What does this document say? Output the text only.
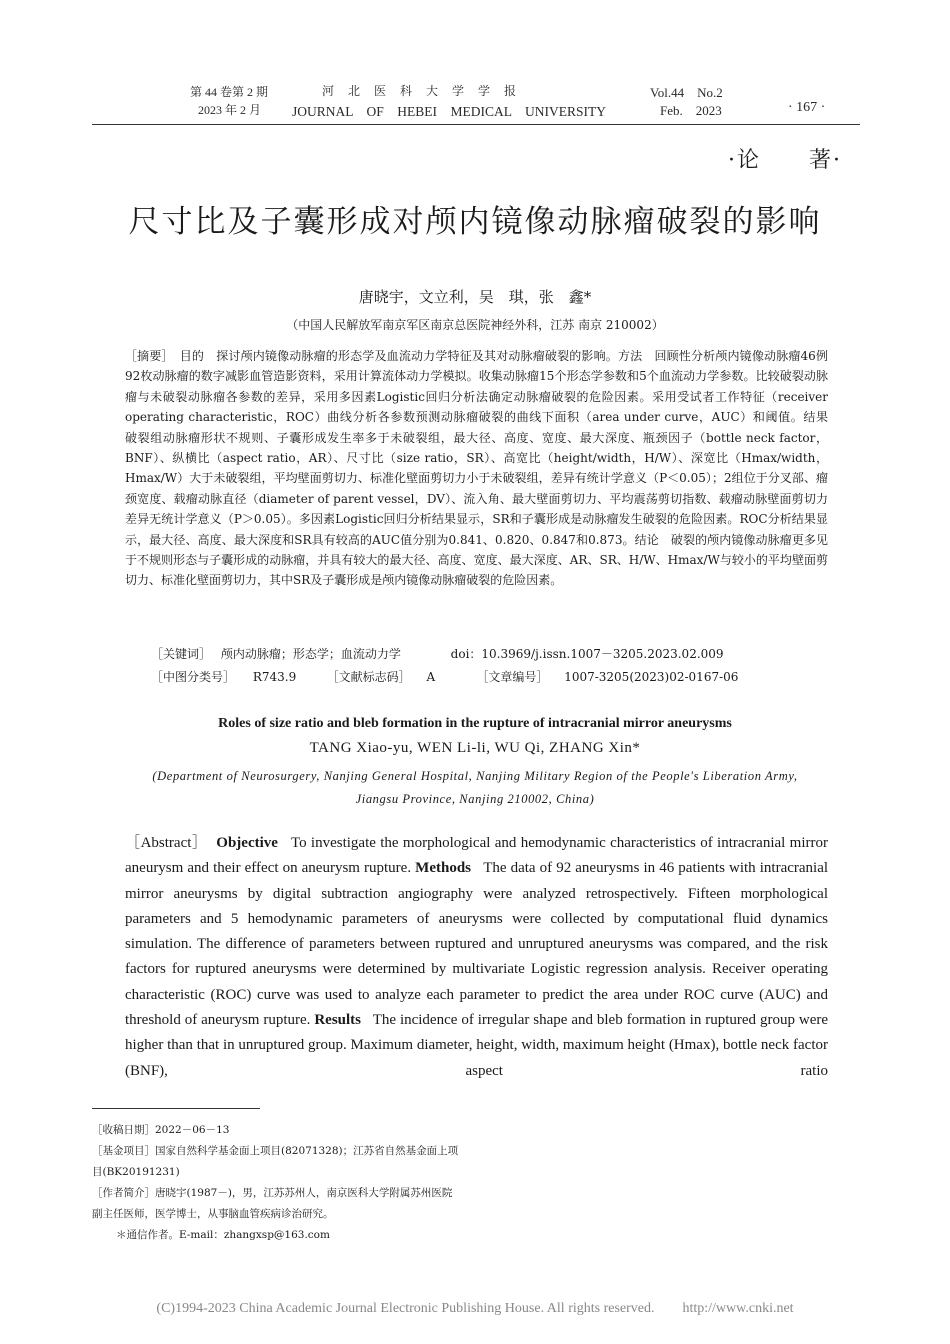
第 44 卷第 2 期
2023 年 2 月
河　北　医　科　大　学　学　报
JOURNAL　OF　HEBEI　MEDICAL　UNIVERSITY
Vol.44　No.2
Feb.　2023	· 167 ·
·论　　著·
尺寸比及子囊形成对颅内镜像动脉瘤破裂的影响
唐晓宇，文立利，吴　琪，张　鑫*
（中国人民解放军南京军区南京总医院神经外科，江苏 南京 210002）
［摘要］ 目的　探讨颅内镜像动脉瘤的形态学及血流动力学特征及其对动脉瘤破裂的影响。方法　回顾性分析颅内镜像动脉瘤46例92枚动脉瘤的数字减影血管造影资料，采用计算流体动力学模拟。收集动脉瘤15个形态学参数和5个血流动力学参数。比较破裂动脉瘤与未破裂动脉瘤各参数的差异，采用多因素Logistic回归分析法确定动脉瘤破裂的危险因素。采用受试者工作特征（receiver operating characteristic，ROC）曲线分析各参数预测动脉瘤破裂的曲线下面积（area under curve，AUC）和阈值。结果　破裂组动脉瘤形状不规则、子囊形成发生率多于未破裂组，最大径、高度、宽度、最大深度、瓶颈因子（bottle neck factor，BNF）、纵横比（aspect ratio，AR）、尺寸比（size ratio，SR）、高宽比（height/width，H/W）、深宽比（Hmax/width，Hmax/W）大于未破裂组，平均壁面剪切力、标准化壁面剪切力小于未破裂组，差异有统计学意义（P＜0.05）；2组位于分叉部、瘤颈宽度、载瘤动脉直径（diameter of parent vessel，DV）、流入角、最大壁面剪切力、平均震荡剪切指数、载瘤动脉壁面剪切力差异无统计学意义（P＞0.05）。多因素Logistic回归分析结果显示，SR和子囊形成是动脉瘤发生破裂的危险因素。ROC分析结果显示，最大径、高度、最大深度和SR具有较高的AUC值分别为0.841、0.820、0.847和0.873。结论　破裂的颅内镜像动脉瘤更多见于不规则形态与子囊形成的动脉瘤，并具有较大的最大径、高度、宽度、最大深度、AR、SR、H/W、Hmax/W与较小的平均壁面剪切力、标准化壁面剪切力，其中SR及子囊形成是颅内镜像动脉瘤破裂的危险因素。
［关键词］ 颅内动脉瘤；形态学；血流动力学	doi：10.3969/j.issn.1007－3205.2023.02.009
［中图分类号］ R743.9	［文献标志码］ A	［文章编号］ 1007-3205(2023)02-0167-06
Roles of size ratio and bleb formation in the rupture of intracranial mirror aneurysms
TANG Xiao-yu, WEN Li-li, WU Qi, ZHANG Xin*
(Department of Neurosurgery, Nanjing General Hospital, Nanjing Military Region of the People's Liberation Army, Jiangsu Province, Nanjing 210002, China)
［Abstract］ Objective To investigate the morphological and hemodynamic characteristics of intracranial mirror aneurysm and their effect on aneurysm rupture. Methods The data of 92 aneurysms in 46 patients with intracranial mirror aneurysms by digital subtraction angiography were analyzed retrospectively. Fifteen morphological parameters and 5 hemodynamic parameters of aneurysms were collected by computational fluid dynamics simulation. The difference of parameters between ruptured and unruptured aneurysms was compared, and the risk factors for ruptured aneurysms were determined by multivariate Logistic regression analysis. Receiver operating characteristic (ROC) curve was used to analyze each parameter to predict the area under ROC curve (AUC) and threshold of aneurysm rupture. Results The incidence of irregular shape and bleb formation in ruptured group were higher than that in unruptured group. Maximum diameter, height, width, maximum height (Hmax), bottle neck factor (BNF), aspect ratio

［收稿日期］2022－06－13

［基金项目］国家自然科学基金面上项目(82071328)；江苏省自然基金面上项目(BK20191231)

［作者简介］唐晓宇(1987－)，男，江苏苏州人，南京医科大学附属苏州医院副主任医师，医学博士，从事脑血管疾病诊治研究。

＊通信作者。E-mail：zhangxsp@163.com

(C)1994-2023 China Academic Journal Electronic Publishing House. All rights reserved.　　http://www.cnki.net
